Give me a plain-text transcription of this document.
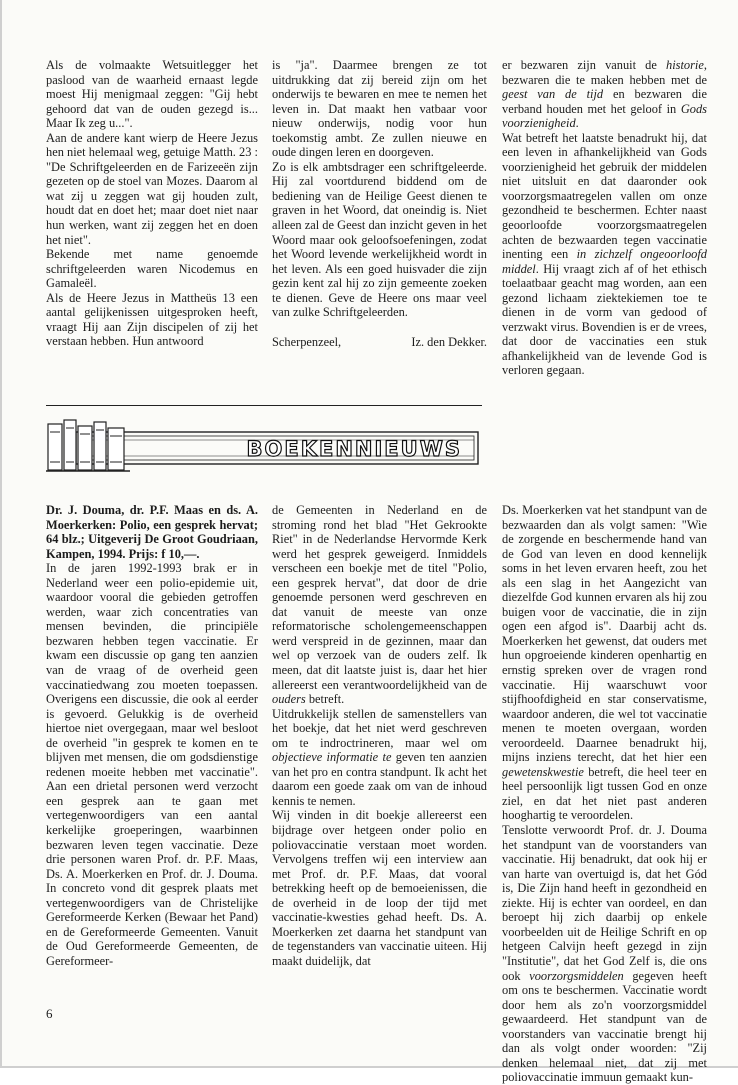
Als de volmaakte Wetsuitlegger het paslood van de waarheid ernaast legde moest Hij menigmaal zeggen: "Gij hebt gehoord dat van de ouden gezegd is... Maar Ik zeg u...".

Aan de andere kant wierp de Heere Jezus hen niet helemaal weg, getuige Matth. 23 : "De Schriftgeleerden en de Farizeeën zijn gezeten op de stoel van Mozes. Daarom al wat zij u zeggen wat gij houden zult, houdt dat en doet het; maar doet niet naar hun werken, want zij zeggen het en doen het niet".

Bekende met name genoemde schriftgeleerden waren Nicodemus en Gamaleël.

Als de Heere Jezus in Mattheüs 13 een aantal gelijkenissen uitgesproken heeft, vraagt Hij aan Zijn discipelen of zij het verstaan hebben. Hun antwoord

is "ja". Daarmee brengen ze tot uitdrukking dat zij bereid zijn om het onderwijs te bewaren en mee te nemen het leven in. Dat maakt hen vatbaar voor nieuw onderwijs, nodig voor hun toekomstig ambt. Ze zullen nieuwe en oude dingen leren en doorgeven.

Zo is elk ambtsdrager een schriftgeleerde. Hij zal voortdurend biddend om de bediening van de Heilige Geest dienen te graven in het Woord, dat oneindig is. Niet alleen zal de Geest dan inzicht geven in het Woord maar ook geloofsoefeningen, zodat het Woord levende werkelijkheid wordt in het leven. Als een goed huisvader die zijn gezin kent zal hij zo zijn gemeente zoeken te dienen. Geve de Heere ons maar veel van zulke Schriftgeleerden.

Scherpenzeel,	Iz. den Dekker.

er bezwaren zijn vanuit de historie, bezwaren die te maken hebben met de geest van de tijd en bezwaren die verband houden met het geloof in Gods voorzienigheid.

Wat betreft het laatste benadrukt hij, dat een leven in afhankelijkheid van Gods voorzienigheid het gebruik der middelen niet uitsluit en dat daaronder ook voorzorgsmaatregelen vallen om onze gezondheid te beschermen. Echter naast geoorloofde voorzorgsmaatregelen achten de bezwaarden tegen vaccinatie inenting een in zichzelf ongeoorloofd middel. Hij vraagt zich af of het ethisch toelaatbaar geacht mag worden, aan een gezond lichaam ziektekiemen toe te dienen in de vorm van gedood of verzwakt virus. Bovendien is er de vrees, dat door de vaccinaties een stuk afhankelijkheid van de levende God is verloren gegaan.

BOEKENNIEUWS

Dr. J. Douma, dr. P.F. Maas en ds. A. Moerkerken: Polio, een gesprek hervat; 64 blz.; Uitgeverij De Groot Goudriaan, Kampen, 1994. Prijs: f 10,—.

In de jaren 1992-1993 brak er in Nederland weer een polio-epidemie uit, waardoor vooral die gebieden getroffen werden, waar zich concentraties van mensen bevinden, die principiële bezwaren hebben tegen vaccinatie. Er kwam een discussie op gang ten aanzien van de vraag of de overheid geen vaccinatiedwang zou moeten toepassen. Overigens een discussie, die ook al eerder is gevoerd. Gelukkig is de overheid hiertoe niet overgegaan, maar wel besloot de overheid "in gesprek te komen en te blijven met mensen, die om godsdienstige redenen moeite hebben met vaccinatie". Aan een drietal personen werd verzocht een gesprek aan te gaan met vertegenwoordigers van een aantal kerkelijke groeperingen, waarbinnen bezwaren leven tegen vaccinatie. Deze drie personen waren Prof. dr. P.F. Maas, Ds. A. Moerkerken en Prof. dr. J. Douma. In concreto vond dit gesprek plaats met vertegenwoordigers van de Christelijke Gereformeerde Kerken (Bewaar het Pand) en de Gereformeerde Gemeenten. Vanuit de Oud Gereformeerde Gemeenten, de Gereformeer-

de Gemeenten in Nederland en de stroming rond het blad "Het Gekrookte Riet" in de Nederlandse Hervormde Kerk werd het gesprek geweigerd. Inmiddels verscheen een boekje met de titel "Polio, een gesprek hervat", dat door de drie genoemde personen werd geschreven en dat vanuit de meeste van onze reformatorische scholengemeenschappen werd verspreid in de gezinnen, maar dan wel op verzoek van de ouders zelf. Ik meen, dat dit laatste juist is, daar het hier allereerst een verantwoordelijkheid van de ouders betreft.

Uitdrukkelijk stellen de samenstellers van het boekje, dat het niet werd geschreven om te indroctrineren, maar wel om objectieve informatie te geven ten aanzien van het pro en contra standpunt. Ik acht het daarom een goede zaak om van de inhoud kennis te nemen.

Wij vinden in dit boekje allereerst een bijdrage over hetgeen onder polio en poliovaccinatie verstaan moet worden. Vervolgens treffen wij een interview aan met Prof. dr. P.F. Maas, dat vooral betrekking heeft op de bemoeienissen, die de overheid in de loop der tijd met vaccinatie-kwesties gehad heeft. Ds. A. Moerkerken zet daarna het standpunt van de tegenstanders van vaccinatie uiteen. Hij maakt duidelijk, dat

Ds. Moerkerken vat het standpunt van de bezwaarden dan als volgt samen: "Wie de zorgende en beschermende hand van de God van leven en dood kennelijk soms in het leven ervaren heeft, zou het als een slag in het Aangezicht van diezelfde God kunnen ervaren als hij zou buigen voor de vaccinatie, die in zijn ogen een afgod is". Daarbij acht ds. Moerkerken het gewenst, dat ouders met hun opgroeiende kinderen openhartig en ernstig spreken over de vragen rond vaccinatie. Hij waarschuwt voor stijfhoofdigheid en star conservatisme, waardoor anderen, die wel tot vaccinatie menen te moeten overgaan, worden veroordeeld. Daarnee benadrukt hij, mijns inziens terecht, dat het hier een gewetenskwestie betreft, die heel teer en heel persoonlijk ligt tussen God en onze ziel, en dat het niet past anderen hooghartig te veroordelen.

Tenslotte verwoordt Prof. dr. J. Douma het standpunt van de voorstanders van vaccinatie. Hij benadrukt, dat ook hij er van harte van overtuigd is, dat het Gód is, Die Zijn hand heeft in gezondheid en ziekte. Hij is echter van oordeel, en dan beroept hij zich daarbij op enkele voorbeelden uit de Heilige Schrift en op hetgeen Calvijn heeft gezegd in zijn "Institutie", dat het God Zelf is, die ons ook voorzorgsmiddelen gegeven heeft om ons te beschermen. Vaccinatie wordt door hem als zo'n voorzorgsmiddel gewaardeerd. Het standpunt van de voorstanders van vaccinatie brengt hij dan als volgt onder woorden: "Zij denken helemaal niet, dat zij met poliovaccinatie immuun gemaakt kun-

6
